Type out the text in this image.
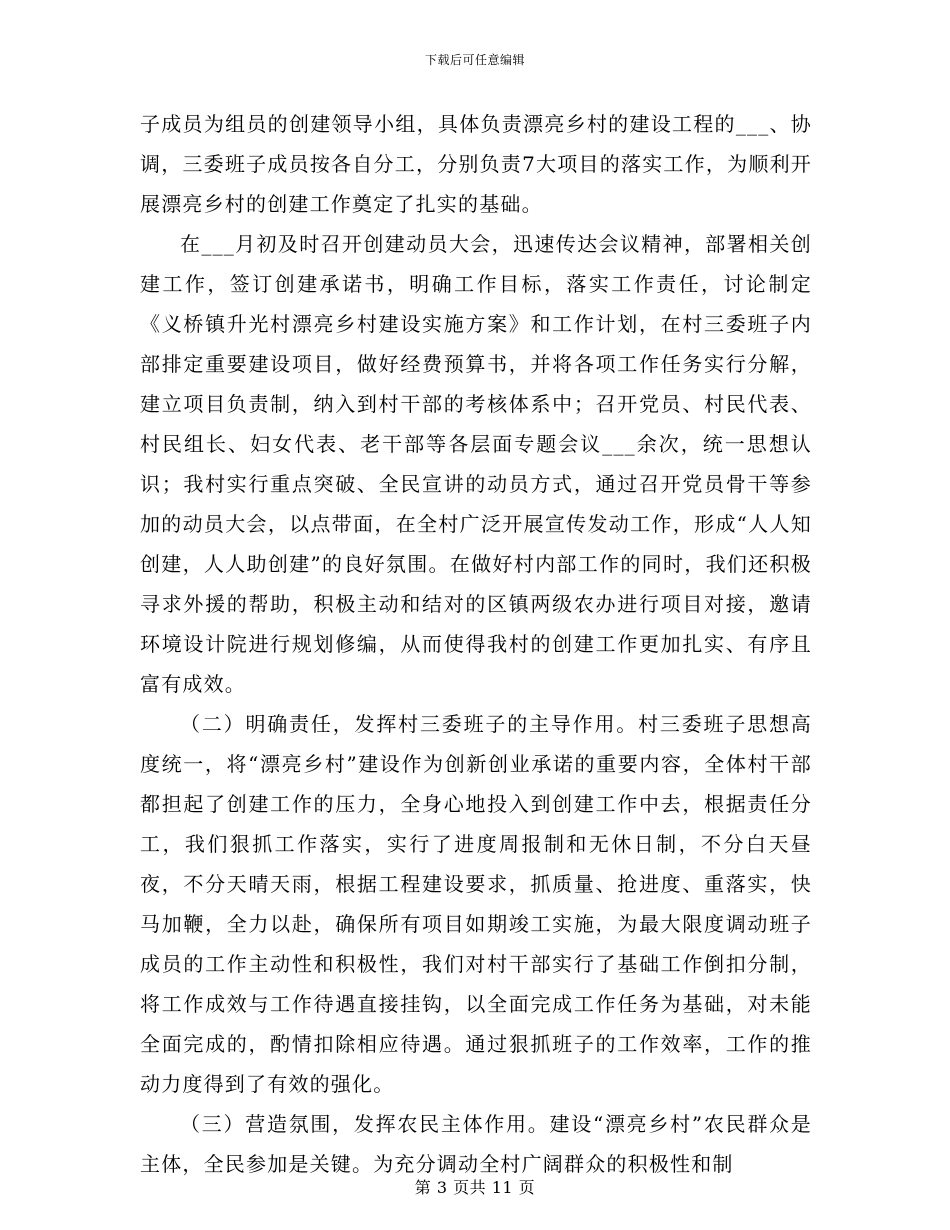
下载后可任意编辑

子成员为组员的创建领导小组，具体负责漂亮乡村的建设工程的___、协调，三委班子成员按各自分工，分别负责7大项目的落实工作，为顺利开展漂亮乡村的创建工作奠定了扎实的基础。

在___月初及时召开创建动员大会，迅速传达会议精神，部署相关创建工作，签订创建承诺书，明确工作目标，落实工作责任，讨论制定《义桥镇升光村漂亮乡村建设实施方案》和工作计划，在村三委班子内部排定重要建设项目，做好经费预算书，并将各项工作任务实行分解，建立项目负责制，纳入到村干部的考核体系中；召开党员、村民代表、村民组长、妇女代表、老干部等各层面专题会议___余次，统一思想认识；我村实行重点突破、全民宣讲的动员方式，通过召开党员骨干等参加的动员大会，以点带面，在全村广泛开展宣传发动工作，形成“人人知创建，人人助创建”的良好氛围。在做好村内部工作的同时，我们还积极寻求外援的帮助，积极主动和结对的区镇两级农办进行项目对接，邀请环境设计院进行规划修编，从而使得我村的创建工作更加扎实、有序且富有成效。

（二）明确责任，发挥村三委班子的主导作用。村三委班子思想高度统一，将“漂亮乡村”建设作为创新创业承诺的重要内容，全体村干部都担起了创建工作的压力，全身心地投入到创建工作中去，根据责任分工，我们狠抓工作落实，实行了进度周报制和无休日制，不分白天昼夜，不分天晴天雨，根据工程建设要求，抓质量、抢进度、重落实，快马加鞭，全力以赴，确保所有项目如期竣工实施，为最大限度调动班子成员的工作主动性和积极性，我们对村干部实行了基础工作倒扣分制，将工作成效与工作待遇直接挂钩，以全面完成工作任务为基础，对未能全面完成的，酌情扣除相应待遇。通过狠抓班子的工作效率，工作的推动力度得到了有效的强化。

（三）营造氛围，发挥农民主体作用。建设“漂亮乡村”农民群众是主体，全民参加是关键。为充分调动全村广阔群众的积极性和制

第 3 页共 11 页
